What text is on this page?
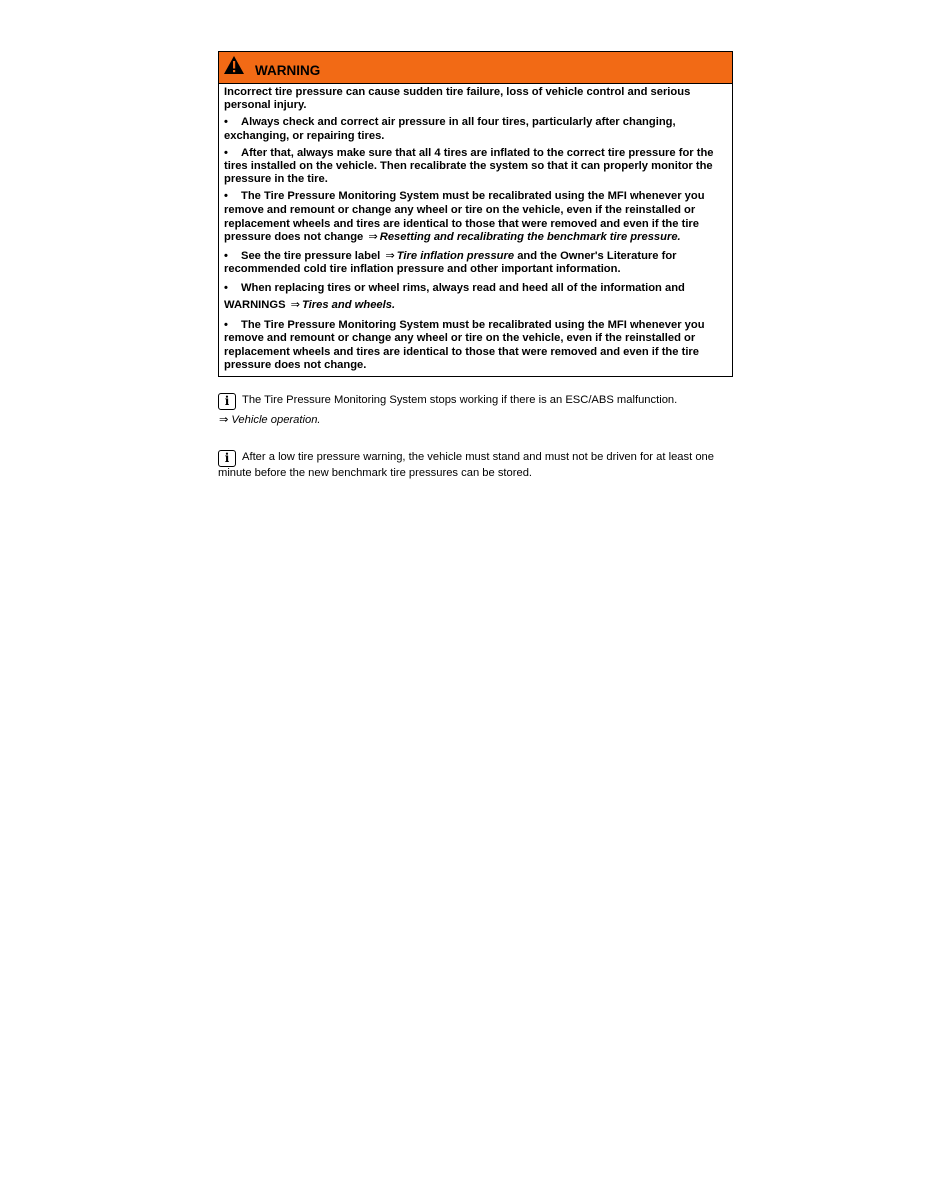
WARNING

Incorrect tire pressure can cause sudden tire failure, loss of vehicle control and serious personal injury.

• Always check and correct air pressure in all four tires, particularly after changing, exchanging, or repairing tires.

• After that, always make sure that all 4 tires are inflated to the correct tire pressure for the tires installed on the vehicle. Then recalibrate the system so that it can properly monitor the pressure in the tire.

• The Tire Pressure Monitoring System must be recalibrated using the MFI whenever you remove and remount or change any wheel or tire on the vehicle, even if the reinstalled or replacement wheels and tires are identical to those that were removed and even if the tire pressure does not change ⇒ Resetting and recalibrating the benchmark tire pressure.

• See the tire pressure label ⇒ Tire inflation pressure and the Owner's Literature for recommended cold tire inflation pressure and other important information.

• When replacing tires or wheel rims, always read and heed all of the information and WARNINGS ⇒ Tires and wheels.

• The Tire Pressure Monitoring System must be recalibrated using the MFI whenever you remove and remount or change any wheel or tire on the vehicle, even if the reinstalled or replacement wheels and tires are identical to those that were removed and even if the tire pressure does not change.

i The Tire Pressure Monitoring System stops working if there is an ESC/ABS malfunction.
⇒ Vehicle operation.
i After a low tire pressure warning, the vehicle must stand and must not be driven for at least one minute before the new benchmark tire pressures can be stored.
